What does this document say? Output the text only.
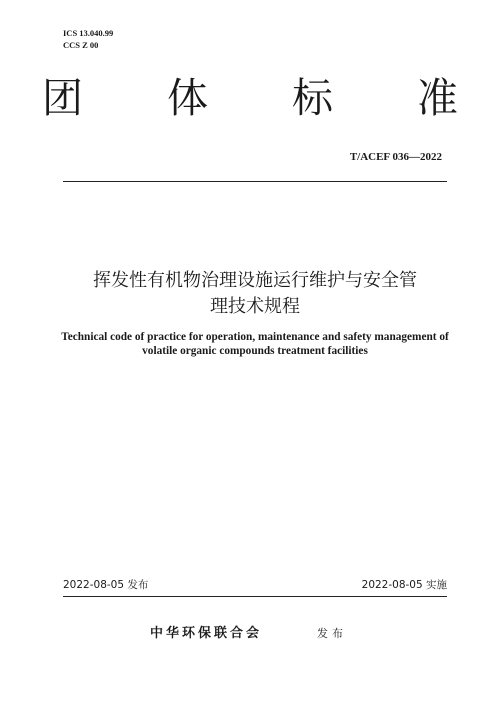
ICS 13.040.99
CCS Z 00
团 体 标 准
T/ACEF 036—2022
挥发性有机物治理设施运行维护与安全管
理技术规程
Technical code of practice for operation, maintenance and safety management of
volatile organic compounds treatment facilities
2022-08-05 发布	2022-08-05 实施
中华环保联合会	发布
